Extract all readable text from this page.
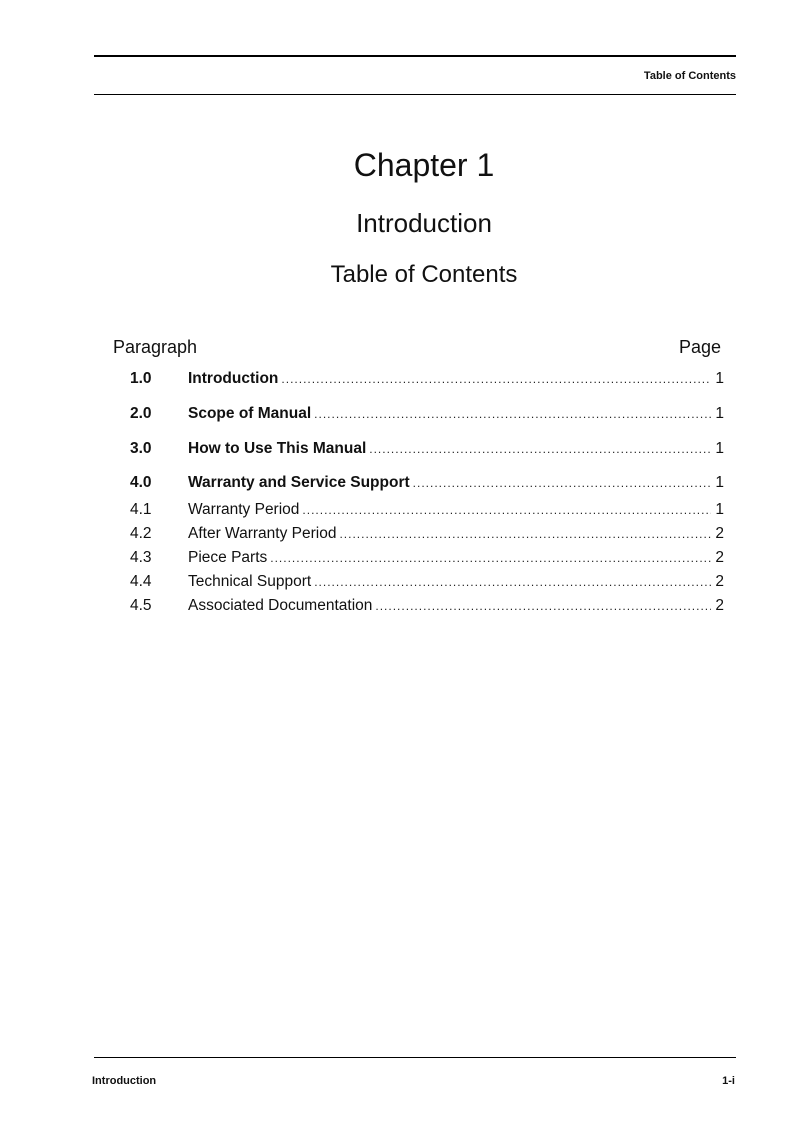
Table of Contents
Chapter 1
Introduction
Table of Contents
Paragraph	Page
1.0	Introduction .....	1
2.0	Scope of Manual .....	1
3.0	How to Use This Manual .....	1
4.0	Warranty and Service Support .....	1
4.1	Warranty Period .....	1
4.2	After Warranty Period .....	2
4.3	Piece Parts .....	2
4.4	Technical Support .....	2
4.5	Associated Documentation .....	2
Introduction	1-i
